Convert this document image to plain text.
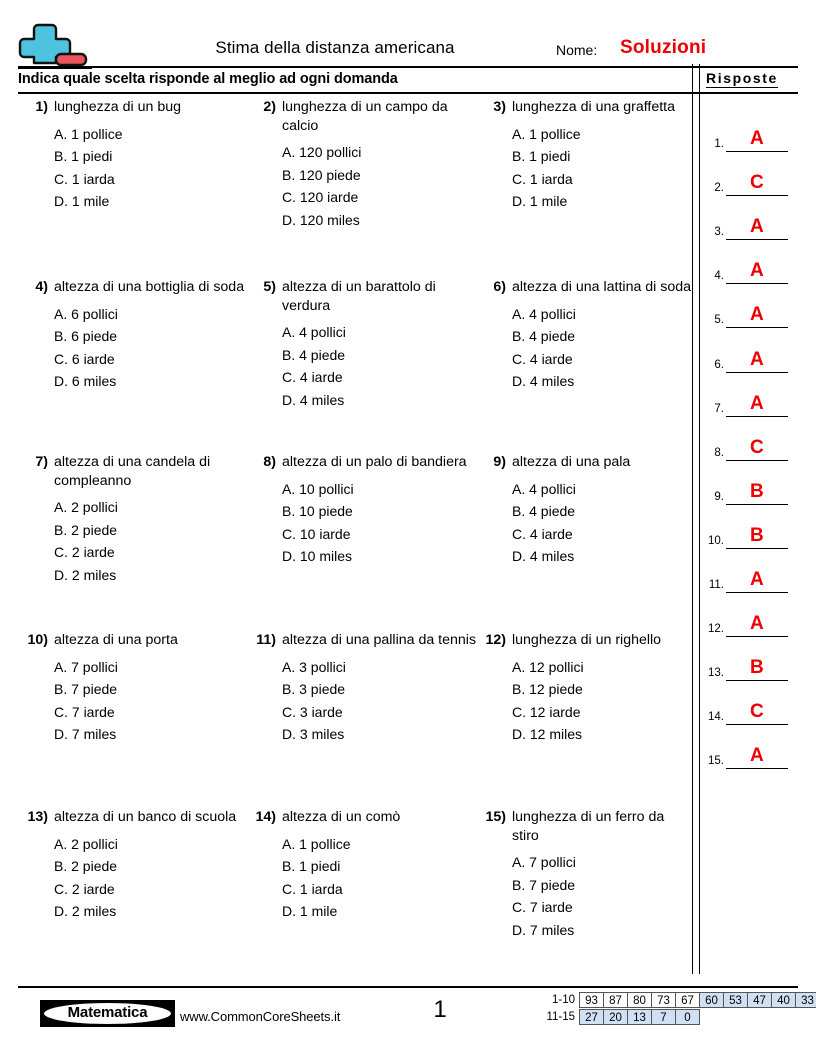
Stima della distanza americana	Nome: Soluzioni
Indica quale scelta risponde al meglio ad ogni domanda	Risposte
1.	A
2.	C
3.	A
4.	A
5.	A
6.	A
7.	A
8.	C
9.	B
10.	B
11.	A
12.	A
13.	B
14.	C
15.	A
1) lunghezza di un bug
A. 1 pollice
B. 1 piedi
C. 1 iarda
D. 1 mile
2) lunghezza di un campo da calcio
A. 120 pollici
B. 120 piede
C. 120 iarde
D. 120 miles
3) lunghezza di una graffetta
A. 1 pollice
B. 1 piedi
C. 1 iarda
D. 1 mile
4) altezza di una bottiglia di soda
A. 6 pollici
B. 6 piede
C. 6 iarde
D. 6 miles
5) altezza di un barattolo di verdura
A. 4 pollici
B. 4 piede
C. 4 iarde
D. 4 miles
6) altezza di una lattina di soda
A. 4 pollici
B. 4 piede
C. 4 iarde
D. 4 miles
7) altezza di una candela di compleanno
A. 2 pollici
B. 2 piede
C. 2 iarde
D. 2 miles
8) altezza di un palo di bandiera
A. 10 pollici
B. 10 piede
C. 10 iarde
D. 10 miles
9) altezza di una pala
A. 4 pollici
B. 4 piede
C. 4 iarde
D. 4 miles
10) altezza di una porta
A. 7 pollici
B. 7 piede
C. 7 iarde
D. 7 miles
11) altezza di una pallina da tennis
A. 3 pollici
B. 3 piede
C. 3 iarde
D. 3 miles
12) lunghezza di un righello
A. 12 pollici
B. 12 piede
C. 12 iarde
D. 12 miles
13) altezza di un banco di scuola
A. 2 pollici
B. 2 piede
C. 2 iarde
D. 2 miles
14) altezza di un comò
A. 1 pollice
B. 1 piedi
C. 1 iarda
D. 1 mile
15) lunghezza di un ferro da stiro
A. 7 pollici
B. 7 piede
C. 7 iarde
D. 7 miles
Matematica	www.CommonCoreSheets.it	1	1-10 93 87 80 73 67 60 53 47 40 33
11-15 27 20 13 7 0
